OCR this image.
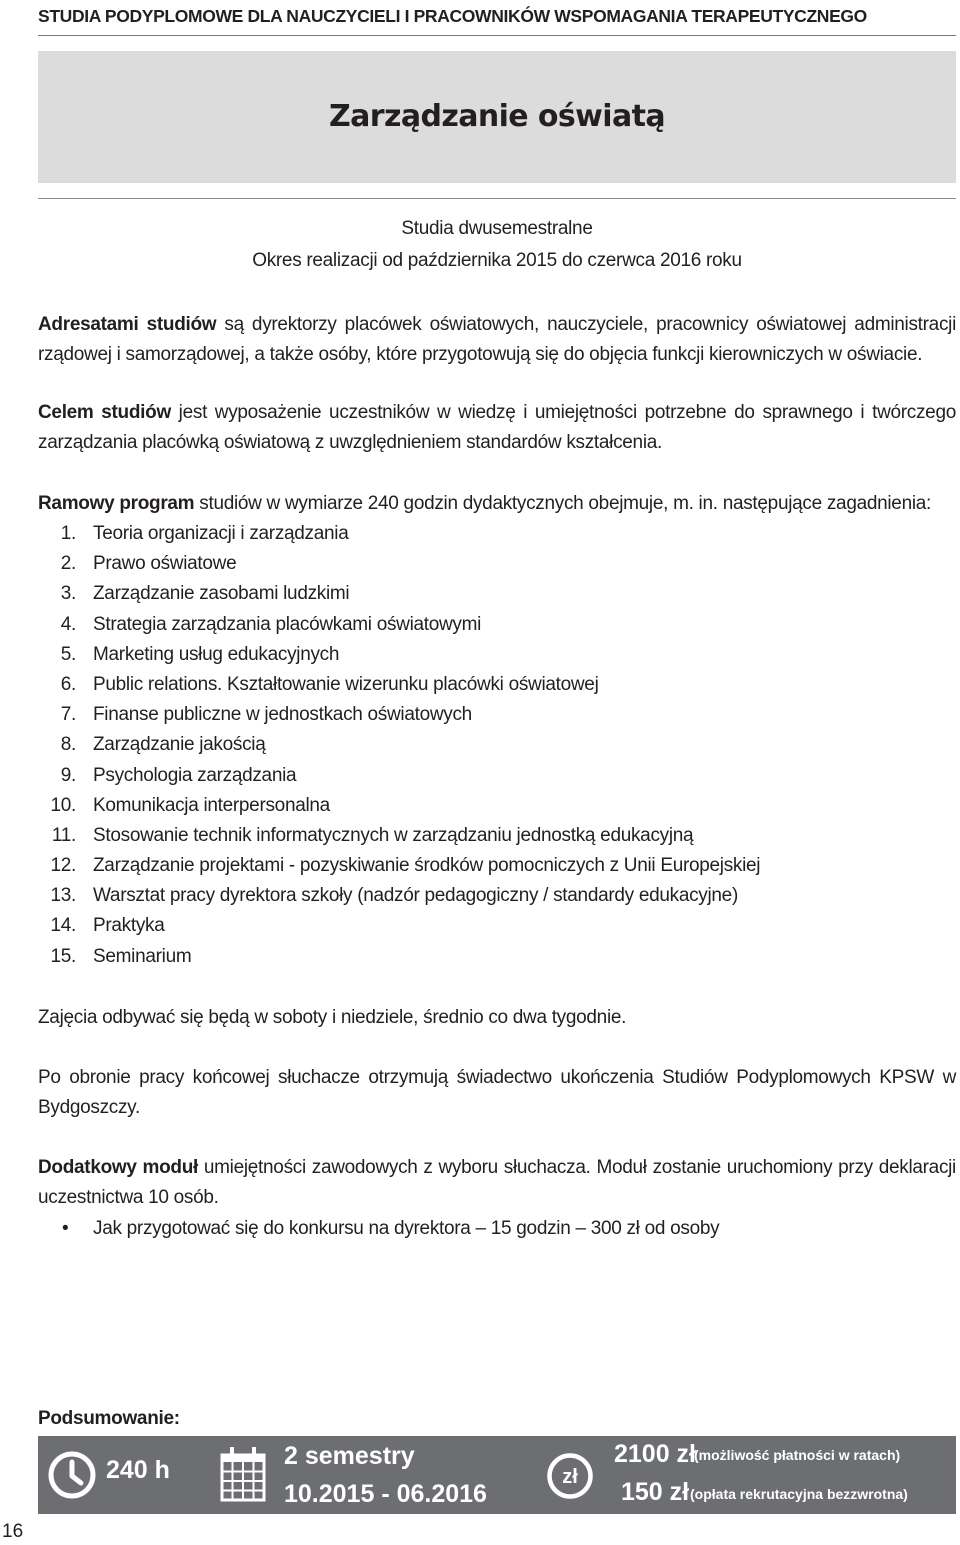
STUDIA PODYPLOMOWE DLA NAUCZYCIELI I PRACOWNIKÓW WSPOMAGANIA TERAPEUTYCZNEGO
Zarządzanie oświatą
Studia dwusemestralne
Okres realizacji od października 2015 do czerwca 2016 roku
Adresatami studiów są dyrektorzy placówek oświatowych, nauczyciele, pracownicy oświatowej administracji rządowej i samorządowej, a także osóby, które przygotowują się do objęcia funkcji kierowniczych w oświacie.
Celem studiów jest wyposażenie uczestników w wiedzę i umiejętności potrzebne do sprawnego i twórczego zarządzania placówką oświatową z uwzględnieniem standardów kształcenia.
Ramowy program studiów w wymiarze 240 godzin dydaktycznych obejmuje, m. in. następujące zagadnienia:
1. Teoria organizacji i zarządzania
2. Prawo oświatowe
3. Zarządzanie zasobami ludzkimi
4. Strategia zarządzania placówkami oświatowymi
5. Marketing usług edukacyjnych
6. Public relations. Kształtowanie wizerunku placówki oświatowej
7. Finanse publiczne w jednostkach oświatowych
8. Zarządzanie jakością
9. Psychologia zarządzania
10. Komunikacja interpersonalna
11. Stosowanie technik informatycznych w zarządzaniu jednostką edukacyjną
12. Zarządzanie projektami - pozyskiwanie środków pomocniczych z Unii Europejskiej
13. Warsztat pracy dyrektora szkoły (nadzór pedagogiczny / standardy edukacyjne)
14. Praktyka
15. Seminarium
Zajęcia odbywać się będą w soboty i niedziele, średnio co dwa tygodnie.
Po obronie pracy końcowej słuchacze otrzymują świadectwo ukończenia Studiów Podyplomowych KPSW w Bydgoszczy.
Dodatkowy moduł umiejętności zawodowych z wyboru słuchacza. Moduł zostanie uruchomiony przy deklaracji uczestnictwa 10 osób.
• Jak przygotować się do konkursu na dyrektora – 15 godzin – 300 zł od osoby
Podsumowanie:
240 h	2 semestry
10.2015 - 06.2016
zł
2100 zł
(możliwość płatności w ratach)
150 zł (opłata rekrutacyjna bezzwrotna)
16
